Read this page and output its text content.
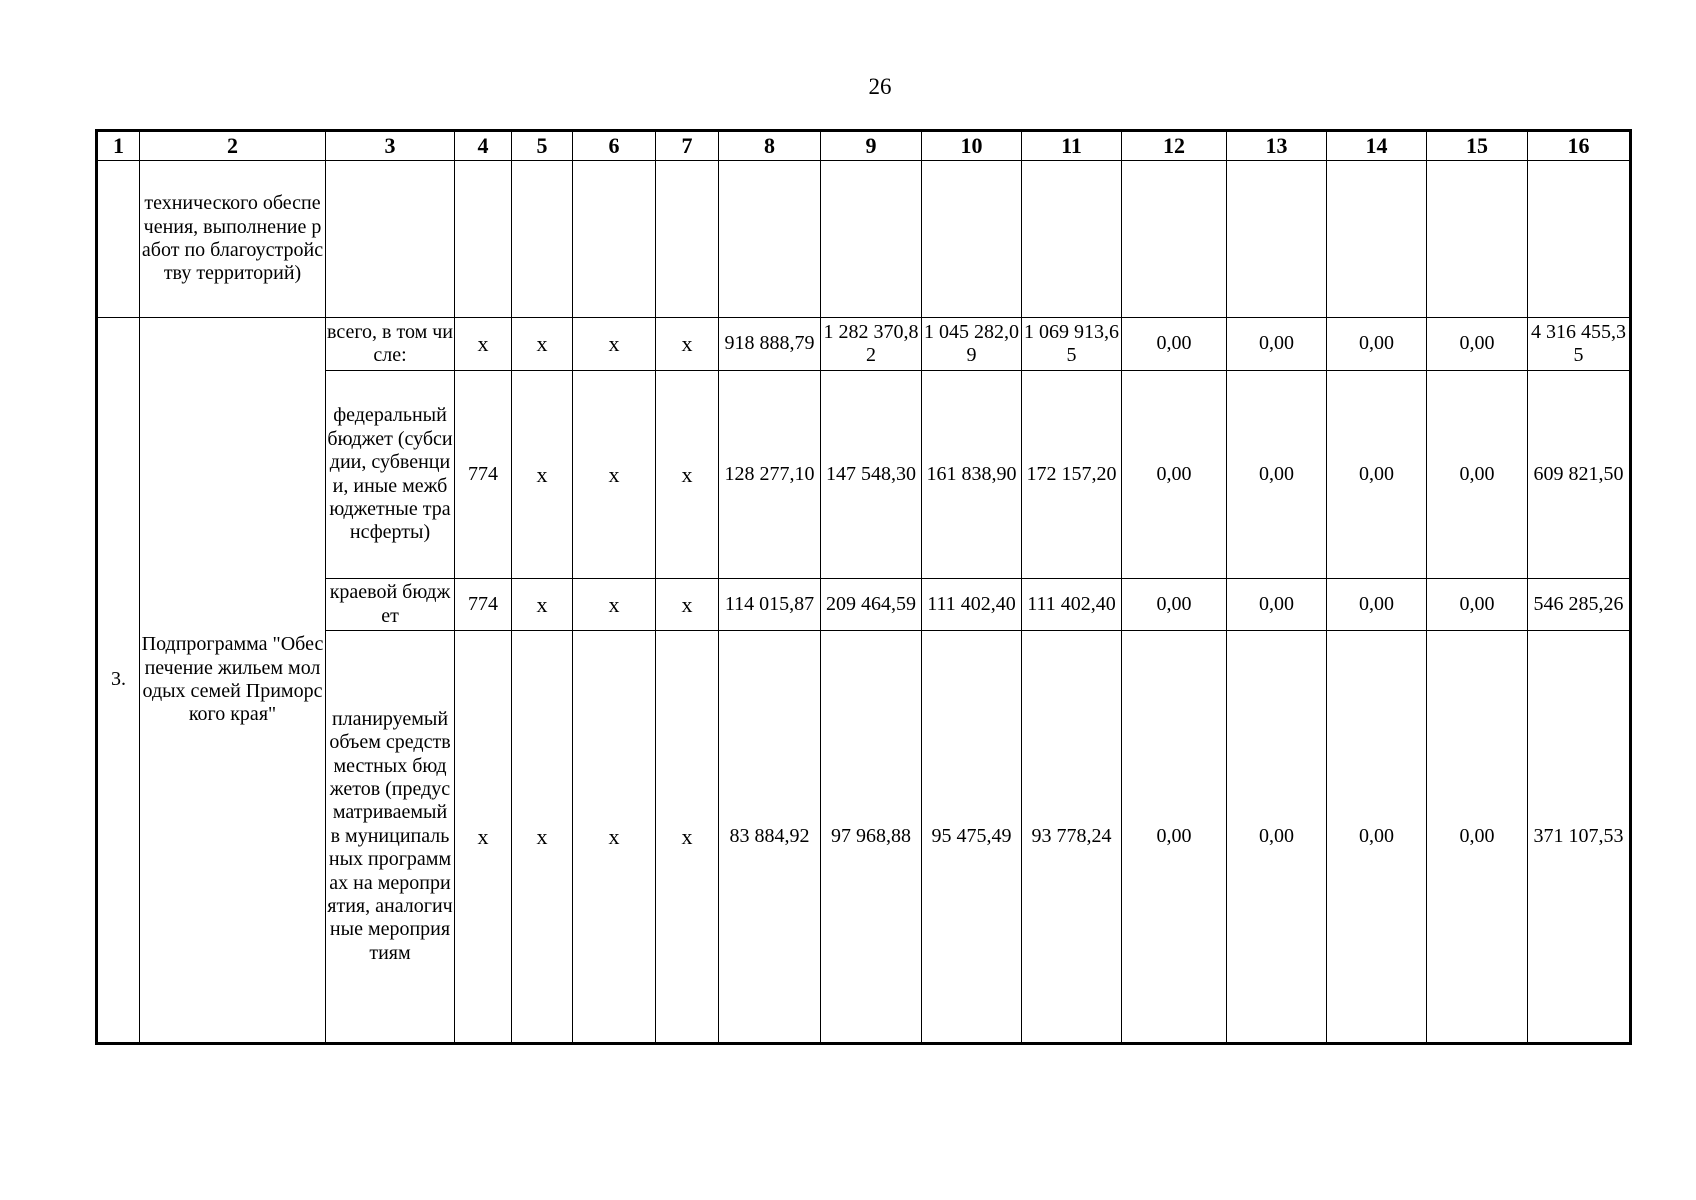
26
1	2	3	4	5	6	7	8	9	10	11	12	13	14	15	16
	технического обеспечения, выполнение работ по благоустройству территорий)														
3.	Подпрограмма "Обеспечение жильем молодых семей Приморского края"	всего, в том числе:	x	x	x	x	918 888,79	1 282 370,82	1 045 282,09	1 069 913,65	0,00	0,00	0,00	0,00	4 316 455,35
		федеральный бюджет (субсидии, субвенции, иные межбюджетные трансферты)	774	x	x	x	128 277,10	147 548,30	161 838,90	172 157,20	0,00	0,00	0,00	0,00	609 821,50
		краевой бюджет	774	x	x	x	114 015,87	209 464,59	111 402,40	111 402,40	0,00	0,00	0,00	0,00	546 285,26
		планируемый объем средств местных бюджетов (предусматриваемый в муниципальных программах на мероприятия, аналогичные мероприятиям	x	x	x	x	83 884,92	97 968,88	95 475,49	93 778,24	0,00	0,00	0,00	0,00	371 107,53
